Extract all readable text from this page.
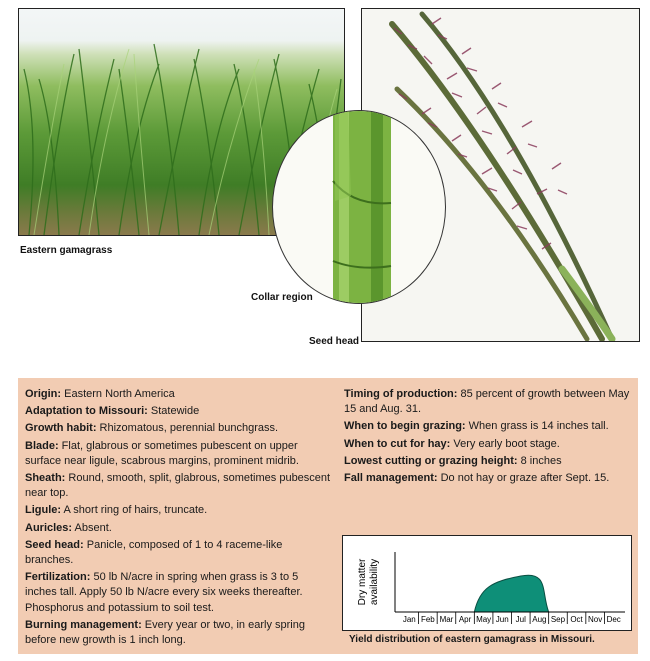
Eastern gamagrass
Seed head
Collar region
Origin: Eastern North America
Adaptation to Missouri: Statewide
Growth habit: Rhizomatous, perennial bunchgrass.
Blade: Flat, glabrous or sometimes pubescent on upper surface near ligule, scabrous margins, prominent midrib.
Sheath: Round, smooth, split, glabrous, sometimes pubescent near top.
Ligule: A short ring of hairs, truncate.
Auricles: Absent.
Seed head: Panicle, composed of 1 to 4 raceme-like branches.
Fertilization: 50 lb N/acre in spring when grass is 3 to 5 inches tall. Apply 50 lb N/acre every six weeks thereafter. Phosphorus and potassium to soil test.
Burning management: Every year or two, in early spring before new growth is 1 inch long.
Timing of production: 85 percent of growth between May 15 and Aug. 31.
When to begin grazing: When grass is 14 inches tall.
When to cut for hay: Very early boot stage.
Lowest cutting or grazing height: 8 inches
Fall management: Do not hay or graze after Sept. 15.
Dry matter availability
Jan Feb Mar Apr May Jun Jul Aug Sep Oct Nov Dec
Yield distribution of eastern gamagrass in Missouri.
